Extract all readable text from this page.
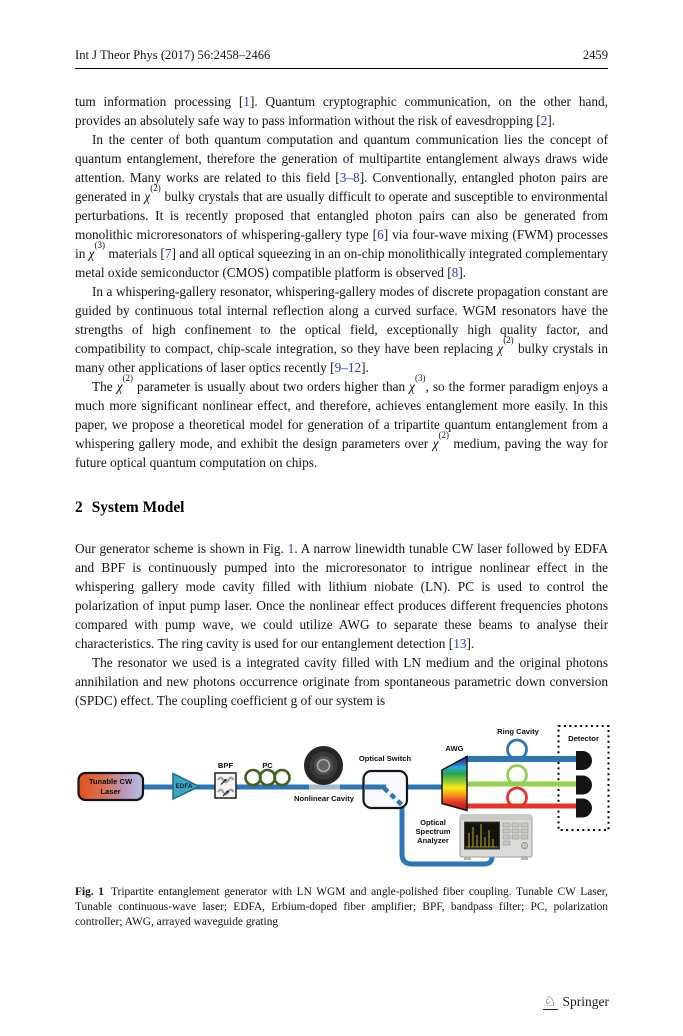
Int J Theor Phys (2017) 56:2458–2466	2459

tum information processing [1]. Quantum cryptographic communication, on the other hand, provides an absolutely safe way to pass information without the risk of eavesdropping [2].

In the center of both quantum computation and quantum communication lies the concept of quantum entanglement, therefore the generation of multipartite entanglement always draws wide attention. Many works are related to this field [3–8]. Conventionally, entangled photon pairs are generated in $\chi^{(2)}$ bulky crystals that are usually difficult to operate and susceptible to environmental perturbations. It is recently proposed that entangled photon pairs can also be generated from monolithic microresonators of whispering-gallery type [6] via four-wave mixing (FWM) processes in $\chi^{(3)}$ materials [7] and all optical squeezing in an on-chip monolithically integrated complementary metal oxide semiconductor (CMOS) compatible platform is observed [8].

In a whispering-gallery resonator, whispering-gallery modes of discrete propagation constant are guided by continuous total internal reflection along a curved surface. WGM resonators have the strengths of high confinement to the optical field, exceptionally high quality factor, and compatibility to compact, chip-scale integration, so they have been replacing $\chi^{(2)}$ bulky crystals in many other applications of laser optics recently [9–12].

The $\chi^{(2)}$ parameter is usually about two orders higher than $\chi^{(3)}$, so the former paradigm enjoys a much more significant nonlinear effect, and therefore, achieves entanglement more easily. In this paper, we propose a theoretical model for generation of a tripartite quantum entanglement from a whispering gallery mode, and exhibit the design parameters over $\chi^{(2)}$ medium, paving the way for future optical quantum computation on chips.

2 System Model

Our generator scheme is shown in Fig. 1. A narrow linewidth tunable CW laser followed by EDFA and BPF is continuously pumped into the microresonator to intrigue nonlinear effect in the whispering gallery mode cavity filled with lithium niobate (LN). PC is used to control the polarization of input pump laser. Once the nonlinear effect produces different frequencies photons compared with pump wave, we could utilize AWG to separate these beams to analyse their characteristics. The ring cavity is used for our entanglement detection [13].

The resonator we used is a integrated cavity filled with LN medium and the original photons annihilation and new photons occurrence originate from spontaneous parametric down conversion (SPDC) effect. The coupling coefficient g of our system is

Tunable CW Laser	EDFA
BPF	PC
Nonlinear Cavity
Optical Switch
AWG
Ring Cavity
Detector
Optical Spectrum Analyzer
Fig. 1 Tripartite entanglement generator with LN WGM and angle-polished fiber coupling. Tunable CW Laser, Tunable continuous-wave laser; EDFA, Erbium-doped fiber amplifier; BPF, bandpass filter; PC, polarization controller; AWG, arrayed waveguide grating
♘ Springer
